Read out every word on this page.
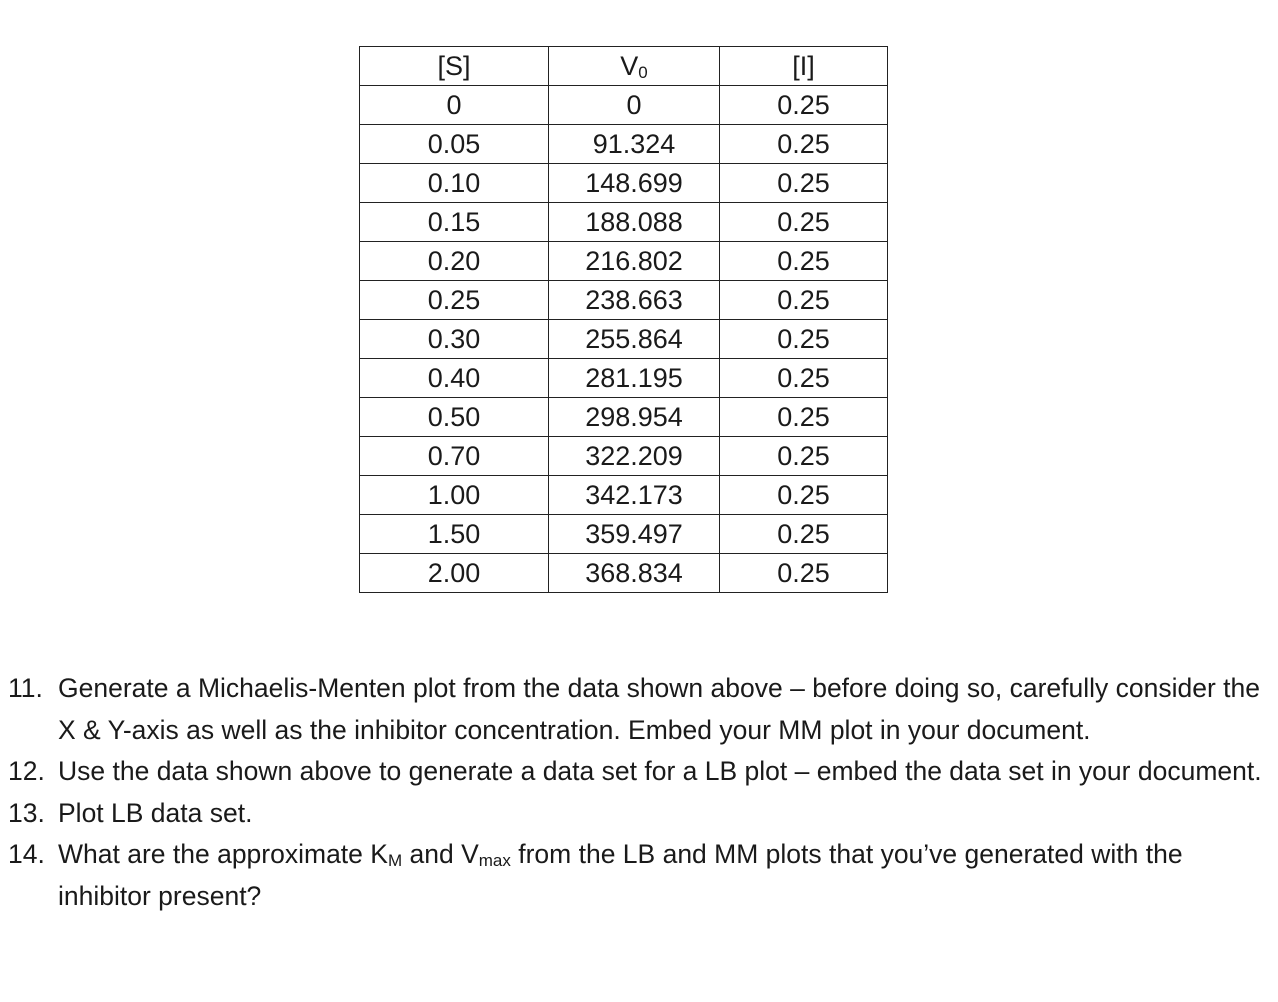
[S]	$V_0$	[I]
0	0	0.25
0.05	91.324	0.25
0.10	148.699	0.25
0.15	188.088	0.25
0.20	216.802	0.25
0.25	238.663	0.25
0.30	255.864	0.25
0.40	281.195	0.25
0.50	298.954	0.25
0.70	322.209	0.25
1.00	342.173	0.25
1.50	359.497	0.25
2.00	368.834	0.25
11. Generate a Michaelis-Menten plot from the data shown above – before doing so, carefully consider the X & Y-axis as well as the inhibitor concentration. Embed your MM plot in your document.
12. Use the data shown above to generate a data set for a LB plot – embed the data set in your document.
13. Plot LB data set.
14. What are the approximate $K_M$ and $V_{max}$ from the LB and MM plots that you’ve generated with the inhibitor present?
